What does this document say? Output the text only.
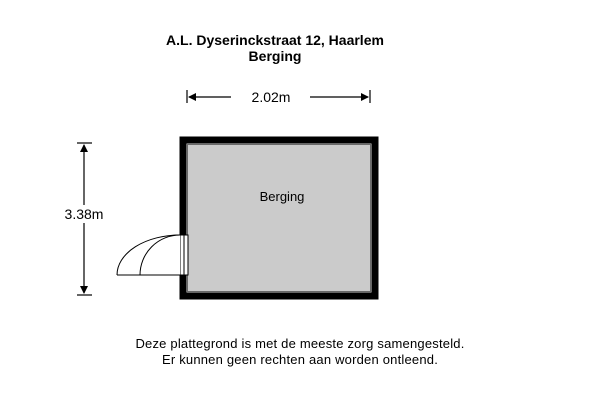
A.L. Dyserinckstraat 12, Haarlem
Berging
2.02m
3.38m
Berging
Deze plattegrond is met de meeste zorg samengesteld.
Er kunnen geen rechten aan worden ontleend.
